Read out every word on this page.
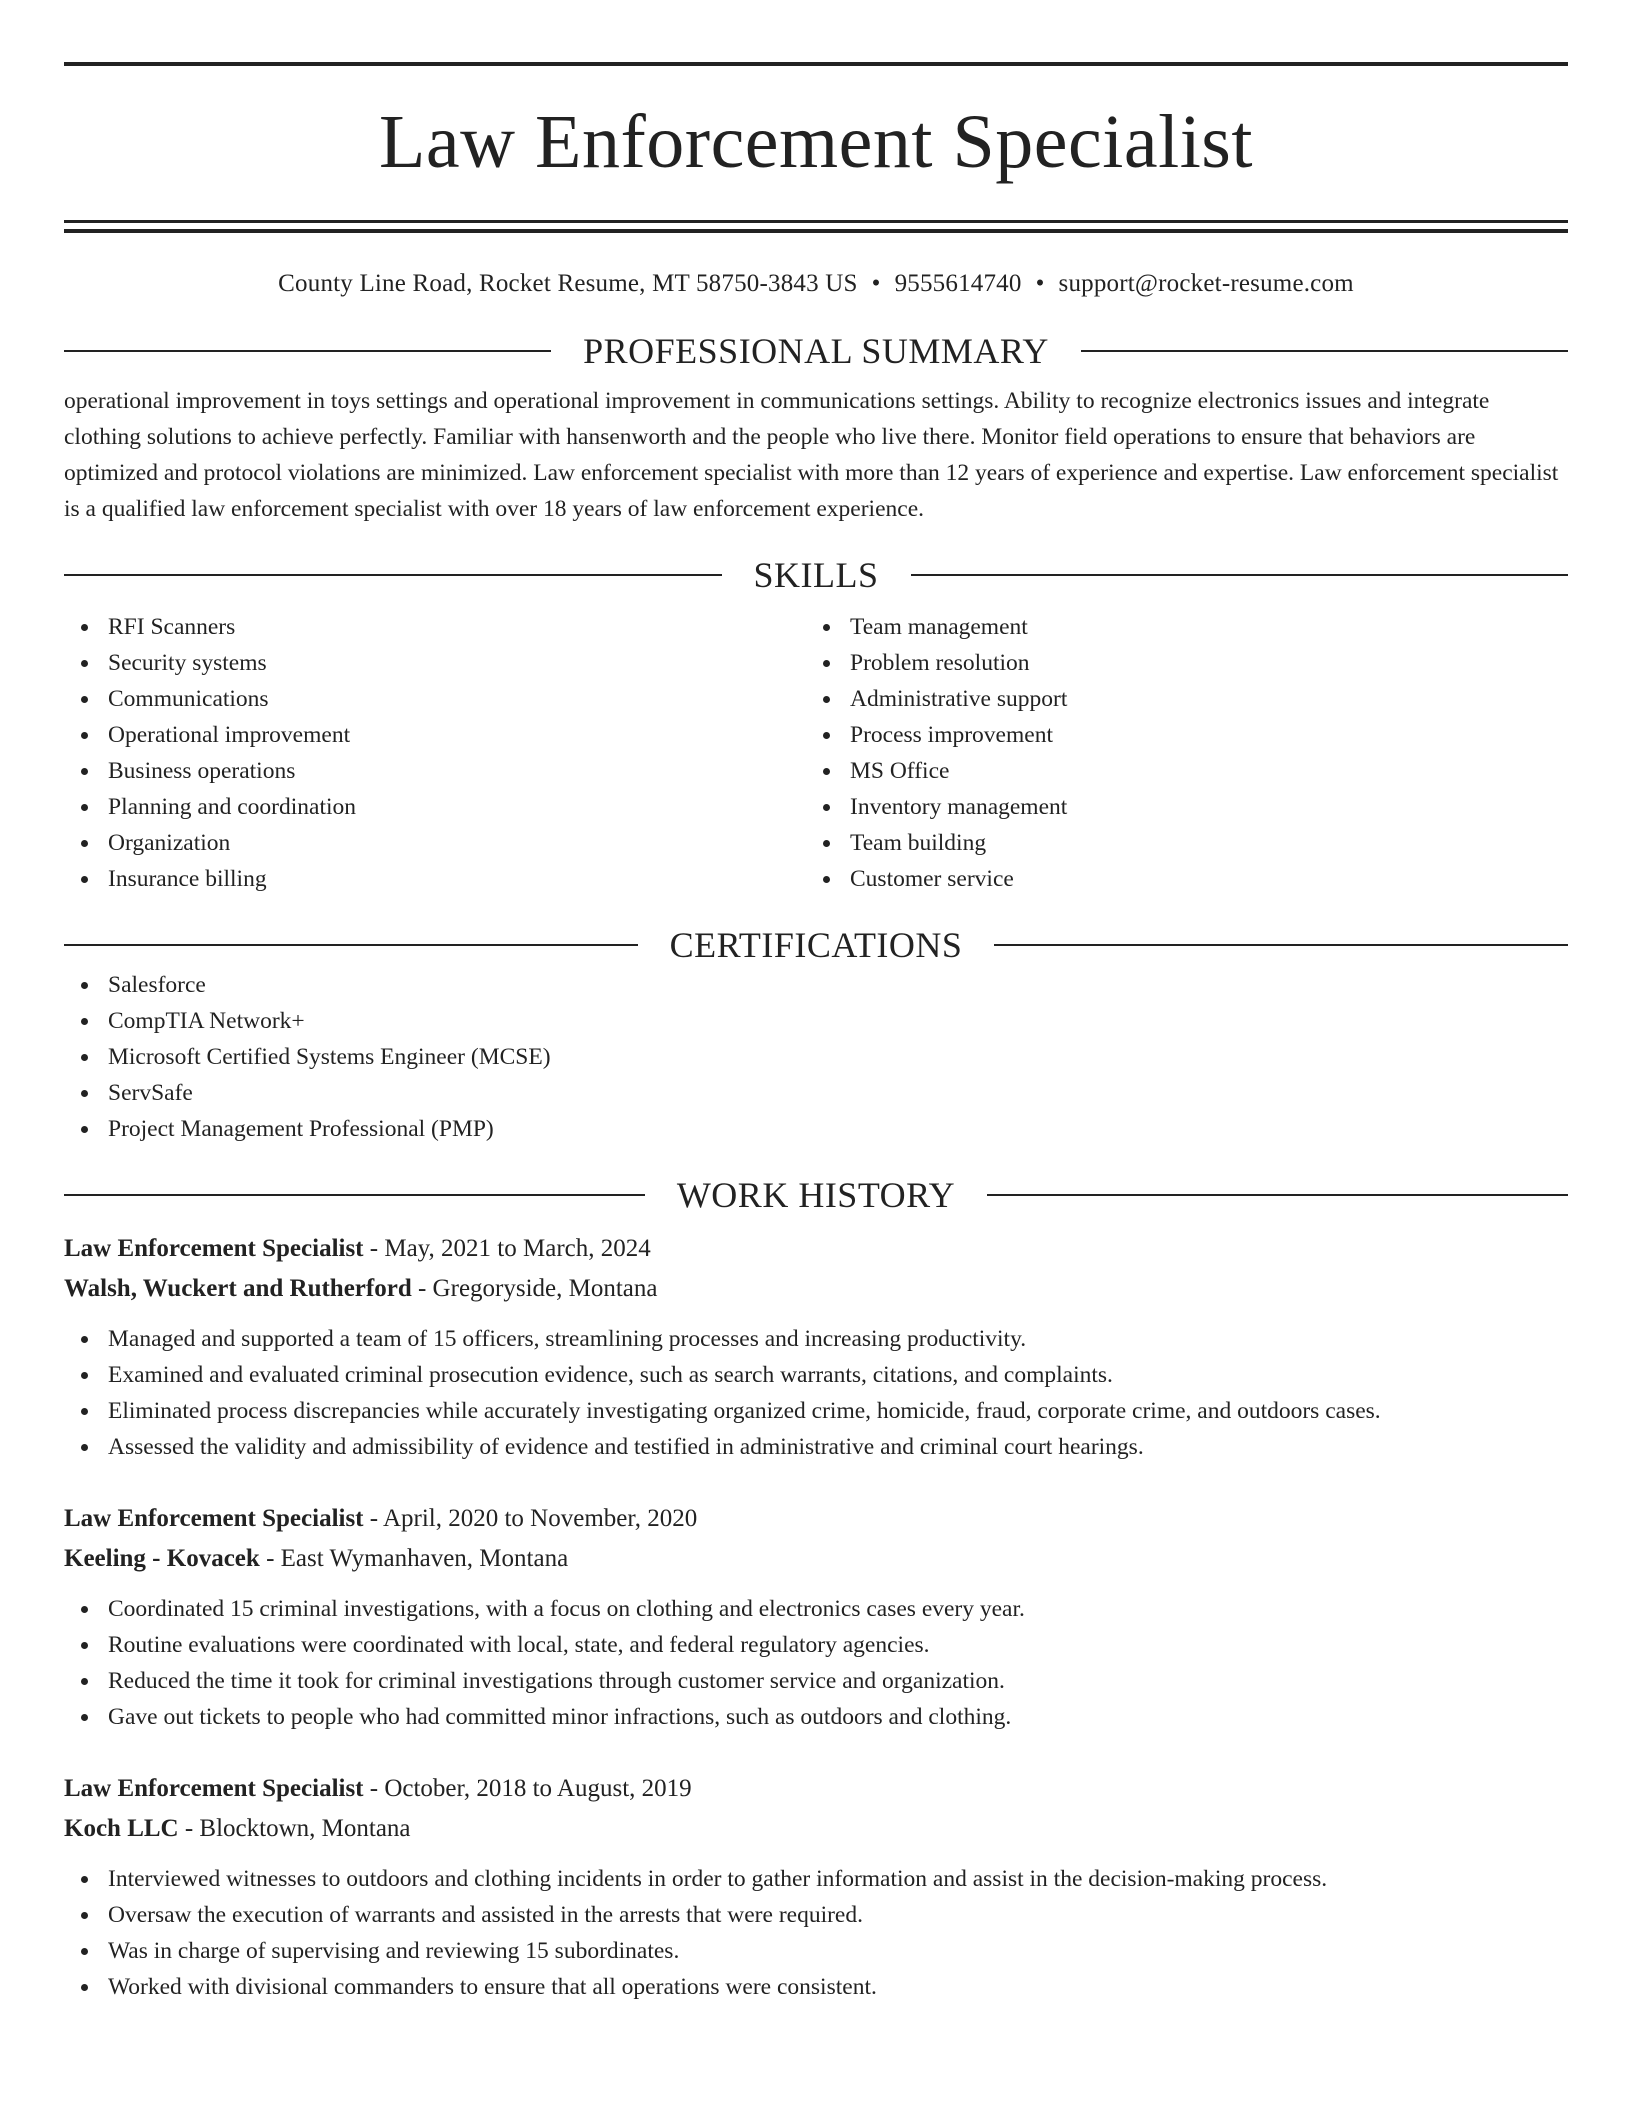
Law Enforcement Specialist
County Line Road, Rocket Resume, MT 58750-3843 US • 9555614740 • support@rocket-resume.com
PROFESSIONAL SUMMARY
operational improvement in toys settings and operational improvement in communications settings. Ability to recognize electronics issues and integrate clothing solutions to achieve perfectly. Familiar with hansenworth and the people who live there. Monitor field operations to ensure that behaviors are optimized and protocol violations are minimized. Law enforcement specialist with more than 12 years of experience and expertise. Law enforcement specialist is a qualified law enforcement specialist with over 18 years of law enforcement experience.
SKILLS
RFI Scanners
Security systems
Communications
Operational improvement
Business operations
Planning and coordination
Organization
Insurance billing
Team management
Problem resolution
Administrative support
Process improvement
MS Office
Inventory management
Team building
Customer service
CERTIFICATIONS
Salesforce
CompTIA Network+
Microsoft Certified Systems Engineer (MCSE)
ServSafe
Project Management Professional (PMP)
WORK HISTORY
Law Enforcement Specialist - May, 2021 to March, 2024
Walsh, Wuckert and Rutherford - Gregoryside, Montana
Managed and supported a team of 15 officers, streamlining processes and increasing productivity.
Examined and evaluated criminal prosecution evidence, such as search warrants, citations, and complaints.
Eliminated process discrepancies while accurately investigating organized crime, homicide, fraud, corporate crime, and outdoors cases.
Assessed the validity and admissibility of evidence and testified in administrative and criminal court hearings.
Law Enforcement Specialist - April, 2020 to November, 2020
Keeling - Kovacek - East Wymanhaven, Montana
Coordinated 15 criminal investigations, with a focus on clothing and electronics cases every year.
Routine evaluations were coordinated with local, state, and federal regulatory agencies.
Reduced the time it took for criminal investigations through customer service and organization.
Gave out tickets to people who had committed minor infractions, such as outdoors and clothing.
Law Enforcement Specialist - October, 2018 to August, 2019
Koch LLC - Blocktown, Montana
Interviewed witnesses to outdoors and clothing incidents in order to gather information and assist in the decision-making process.
Oversaw the execution of warrants and assisted in the arrests that were required.
Was in charge of supervising and reviewing 15 subordinates.
Worked with divisional commanders to ensure that all operations were consistent.
